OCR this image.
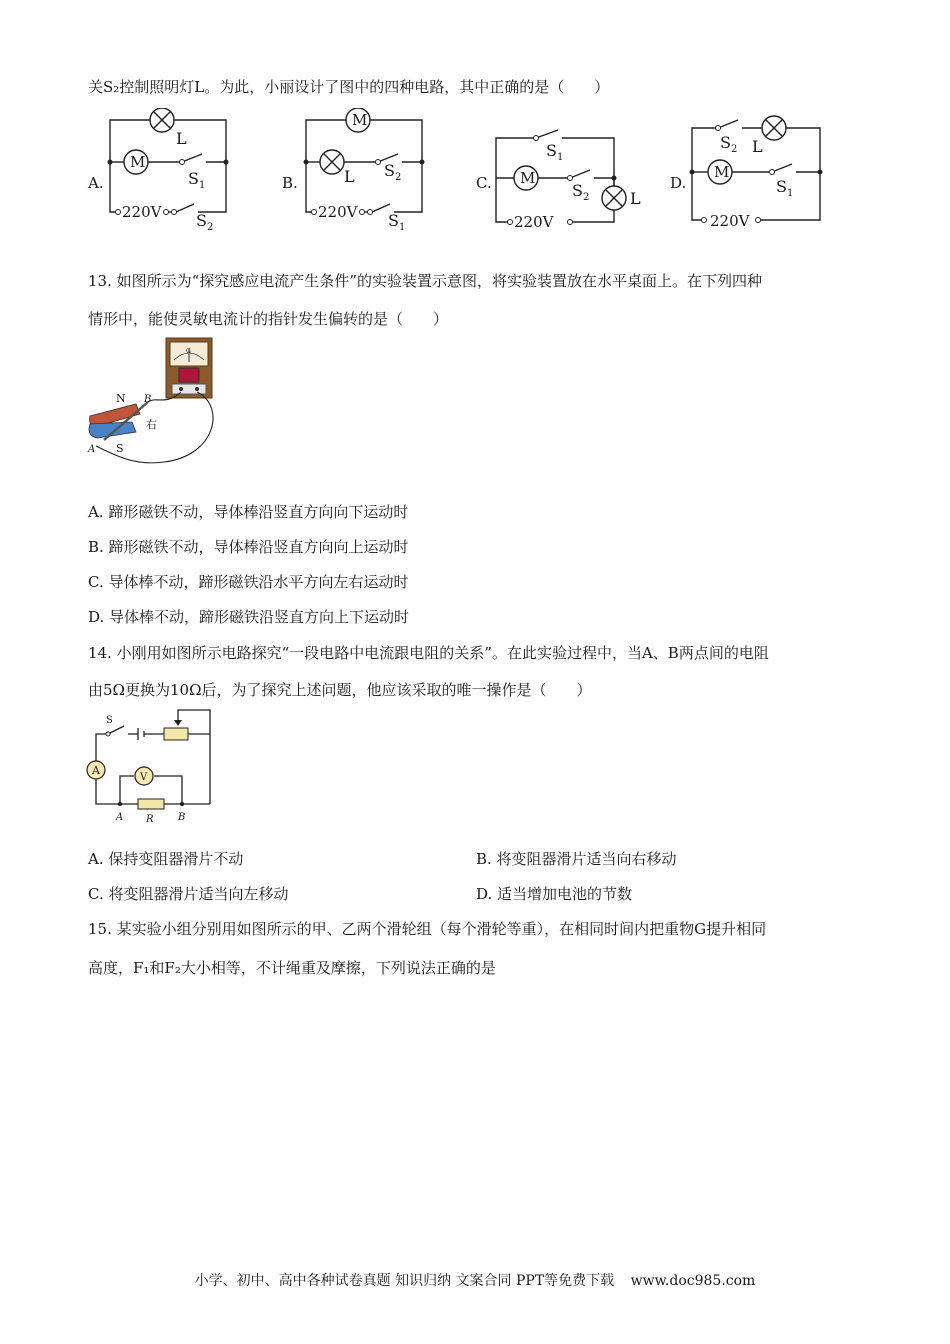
关S₂控制照明灯L。为此，小丽设计了图中的四种电路，其中正确的是（　　）
M
L
S 1
220V S 2
M
L S 2
220V S 1
M
S 1
S 2	L
220V
M
S 2 L
S 1
220V
A.	B.	C.	D.
13. 如图所示为“探究感应电流产生条件”的实验装置示意图，将实验装置放在水平桌面上。在下列四种
情形中，能使灵敏电流计的指针发生偏转的是（　　）
G
N
S
A
B
右
A. 蹄形磁铁不动，导体棒沿竖直方向向下运动时
B. 蹄形磁铁不动，导体棒沿竖直方向向上运动时
C. 导体棒不动，蹄形磁铁沿水平方向左右运动时
D. 导体棒不动，蹄形磁铁沿竖直方向上下运动时
14. 小刚用如图所示电路探究“一段电路中电流跟电阻的关系”。在此实验过程中，当A、B两点间的电阻
由5Ω更换为10Ω后，为了探究上述问题，他应该采取的唯一操作是（　　）
A
V
S
A R B
A. 保持变阻器滑片不动	B. 将变阻器滑片适当向右移动
C. 将变阻器滑片适当向左移动	D. 适当增加电池的节数
15. 某实验小组分别用如图所示的甲、乙两个滑轮组（每个滑轮等重），在相同时间内把重物G提升相同
高度，F₁和F₂大小相等，不计绳重及摩擦，下列说法正确的是
小学、初中、高中各种试卷真题 知识归纳 文案合同 PPT等免费下载 www.doc985.com
